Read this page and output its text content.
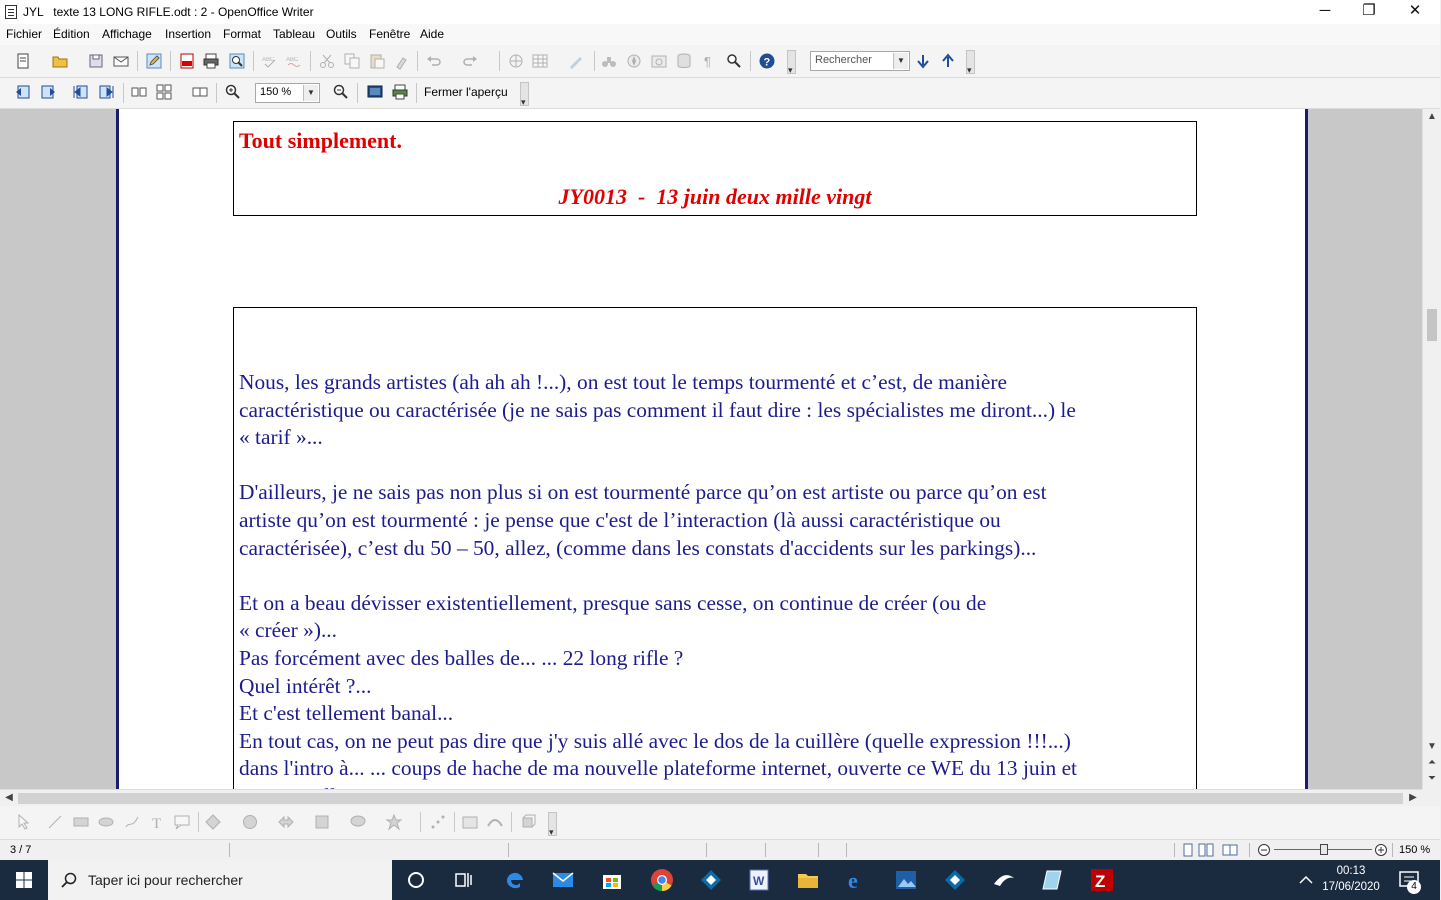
JYL   texte 13 LONG RIFLE.odt : 2 - OpenOffice Writer	─	❐	✕
Fichier Édition Affichage Insertion Format Tableau Outils Fenêtre Aide
ABC ABC	¶	?
▾	Rechercher	▼
▾
150 %	▼	Fermer l'aperçu
▾
Tout simplement.
JY0013  -  13 juin deux mille vingt

Nous, les grands artistes (ah ah ah !...), on est tout le temps tourmenté et c’est, de manière

caractéristique ou caractérisée (je ne sais pas comment il faut dire : les spécialistes me diront...) le

« tarif »...

D'ailleurs, je ne sais pas non plus si on est tourmenté parce qu’on est artiste ou parce qu’on est

artiste qu’on est tourmenté : je pense que c'est de l’interaction (là aussi caractéristique ou

caractérisée), c’est du 50 – 50, allez, (comme dans les constats d'accidents sur les parkings)...

Et on a beau dévisser existentiellement, presque sans cesse, on continue de créer (ou de

« créer »)...

Pas forcément avec des balles de... ... 22 long rifle ?

Quel intérêt ?...

Et c'est tellement banal...

En tout cas, on ne peut pas dire que j'y suis allé avec le dos de la cuillère (quelle expression !!!...)

dans l'intro à... ... coups de hache de ma nouvelle plateforme internet, ouverte ce WE du 13 juin et

▲
▼
⏶
⏷
◀	▶
T
▾
3 / 7	150 %
Taper ici pour rechercher	W	e	Z
00:13
17/06/2020	4
